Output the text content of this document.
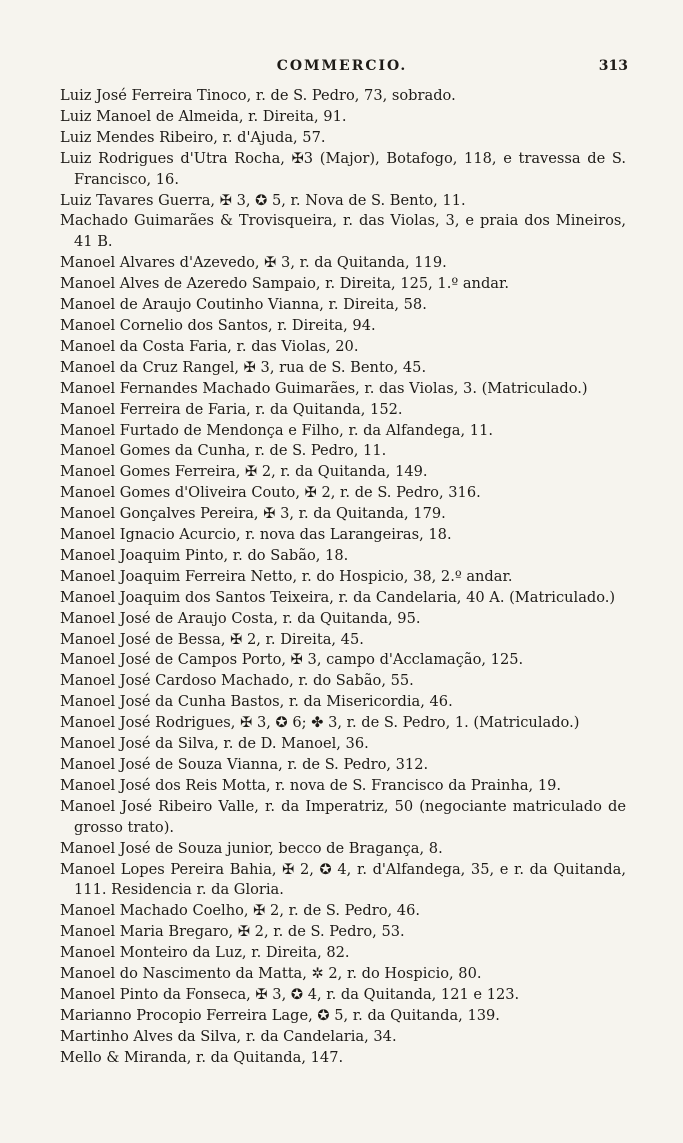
COMMERCIO.	313
Luiz José Ferreira Tinoco, r. de S. Pedro, 73, sobrado.
Luiz Manoel de Almeida, r. Direita, 91.
Luiz Mendes Ribeiro, r. d'Ajuda, 57.
Luiz Rodrigues d'Utra Rocha, ✠3 (Major), Botafogo, 118, e travessa de S. Francisco, 16.
Luiz Tavares Guerra, ✠ 3, ✪ 5, r. Nova de S. Bento, 11.
Machado Guimarães & Trovisqueira, r. das Violas, 3, e praia dos Mineiros, 41 B.
Manoel Alvares d'Azevedo, ✠ 3, r. da Quitanda, 119.
Manoel Alves de Azeredo Sampaio, r. Direita, 125, 1.º andar.
Manoel de Araujo Coutinho Vianna, r. Direita, 58.
Manoel Cornelio dos Santos, r. Direita, 94.
Manoel da Costa Faria, r. das Violas, 20.
Manoel da Cruz Rangel, ✠ 3, rua de S. Bento, 45.
Manoel Fernandes Machado Guimarães, r. das Violas, 3. (Matriculado.)
Manoel Ferreira de Faria, r. da Quitanda, 152.
Manoel Furtado de Mendonça e Filho, r. da Alfandega, 11.
Manoel Gomes da Cunha, r. de S. Pedro, 11.
Manoel Gomes Ferreira, ✠ 2, r. da Quitanda, 149.
Manoel Gomes d'Oliveira Couto, ✠ 2, r. de S. Pedro, 316.
Manoel Gonçalves Pereira, ✠ 3, r. da Quitanda, 179.
Manoel Ignacio Acurcio, r. nova das Larangeiras, 18.
Manoel Joaquim Pinto, r. do Sabão, 18.
Manoel Joaquim Ferreira Netto, r. do Hospicio, 38, 2.º andar.
Manoel Joaquim dos Santos Teixeira, r. da Candelaria, 40 A. (Matriculado.)
Manoel José de Araujo Costa, r. da Quitanda, 95.
Manoel José de Bessa, ✠ 2, r. Direita, 45.
Manoel José de Campos Porto, ✠ 3, campo d'Acclamação, 125.
Manoel José Cardoso Machado, r. do Sabão, 55.
Manoel José da Cunha Bastos, r. da Misericordia, 46.
Manoel José Rodrigues, ✠ 3, ✪ 6; ✤ 3, r. de S. Pedro, 1. (Matriculado.)
Manoel José da Silva, r. de D. Manoel, 36.
Manoel José de Souza Vianna, r. de S. Pedro, 312.
Manoel José dos Reis Motta, r. nova de S. Francisco da Prainha, 19.
Manoel José Ribeiro Valle, r. da Imperatriz, 50 (negociante matriculado de grosso trato).
Manoel José de Souza junior, becco de Bragança, 8.
Manoel Lopes Pereira Bahia, ✠ 2, ✪ 4, r. d'Alfandega, 35, e r. da Quitanda, 111. Residencia r. da Gloria.
Manoel Machado Coelho, ✠ 2, r. de S. Pedro, 46.
Manoel Maria Bregaro, ✠ 2, r. de S. Pedro, 53.
Manoel Monteiro da Luz, r. Direita, 82.
Manoel do Nascimento da Matta, ✲ 2, r. do Hospicio, 80.
Manoel Pinto da Fonseca, ✠ 3, ✪ 4, r. da Quitanda, 121 e 123.
Marianno Procopio Ferreira Lage, ✪ 5, r. da Quitanda, 139.
Martinho Alves da Silva, r. da Candelaria, 34.
Mello & Miranda, r. da Quitanda, 147.
